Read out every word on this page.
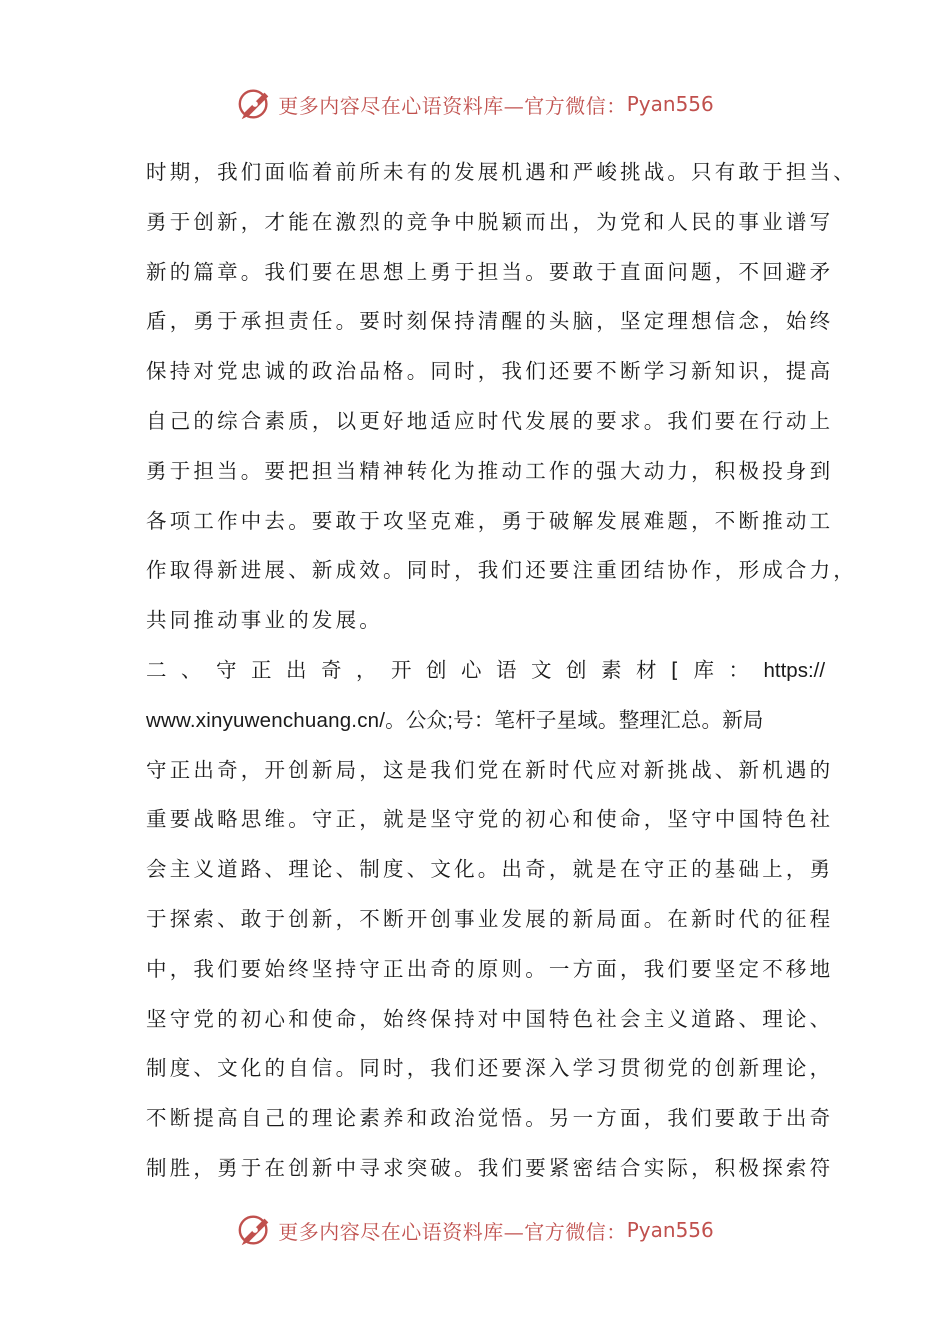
更多内容尽在心语资料库—官方微信： Pyan556
时期，我们面临着前所未有的发展机遇和严峻挑战。只有敢于担当、
勇于创新，才能在激烈的竞争中脱颖而出，为党和人民的事业谱写
新的篇章。我们要在思想上勇于担当。要敢于直面问题，不回避矛
盾，勇于承担责任。要时刻保持清醒的头脑，坚定理想信念，始终
保持对党忠诚的政治品格。同时，我们还要不断学习新知识，提高
自己的综合素质，以更好地适应时代发展的要求。我们要在行动上
勇于担当。要把担当精神转化为推动工作的强大动力，积极投身到
各项工作中去。要敢于攻坚克难，勇于破解发展难题，不断推动工
作取得新进展、新成效。同时，我们还要注重团结协作，形成合力，
共同推动事业的发展。
二、守正出奇，开创心语文创素材[库： https://
www.xinyuwenchuang.cn/。公众;号：笔杆子星域。整理汇总。新局
守正出奇，开创新局，这是我们党在新时代应对新挑战、新机遇的
重要战略思维。守正，就是坚守党的初心和使命，坚守中国特色社
会主义道路、理论、制度、文化。出奇，就是在守正的基础上，勇
于探索、敢于创新，不断开创事业发展的新局面。在新时代的征程
中，我们要始终坚持守正出奇的原则。一方面，我们要坚定不移地
坚守党的初心和使命，始终保持对中国特色社会主义道路、理论、
制度、文化的自信。同时，我们还要深入学习贯彻党的创新理论，
不断提高自己的理论素养和政治觉悟。另一方面，我们要敢于出奇
制胜，勇于在创新中寻求突破。我们要紧密结合实际，积极探索符
更多内容尽在心语资料库—官方微信： Pyan556
